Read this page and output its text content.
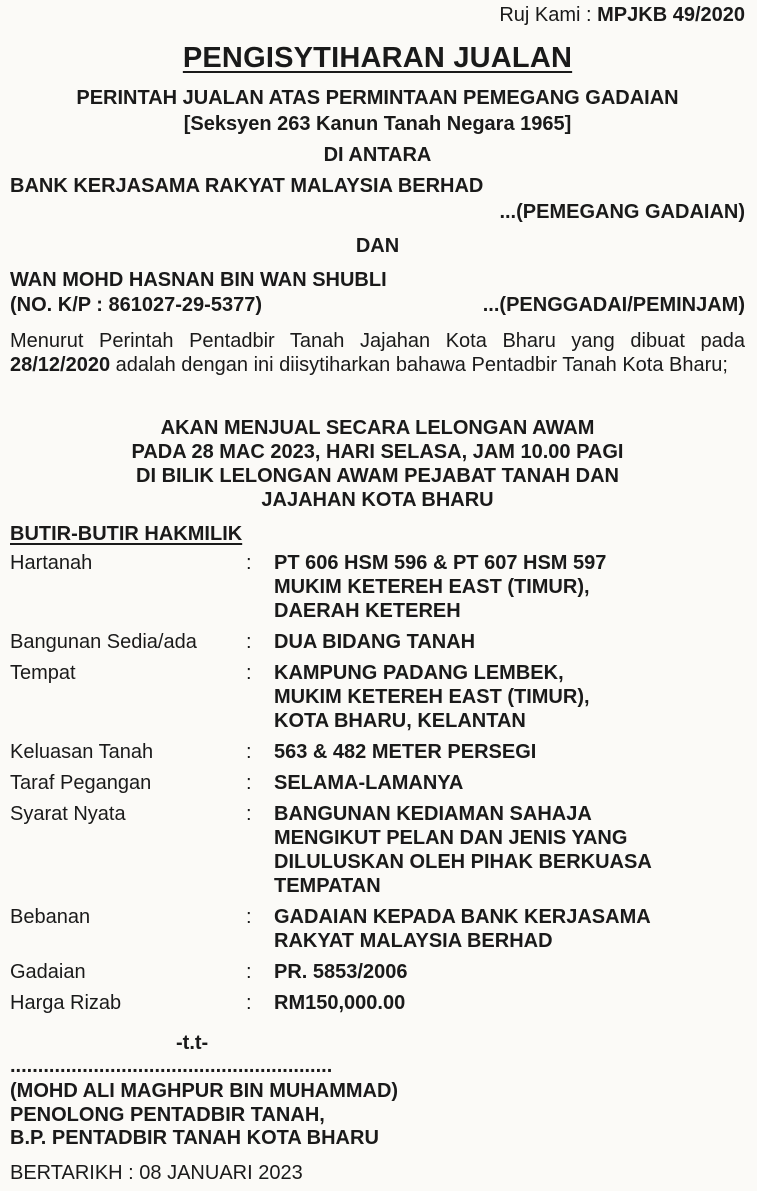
Ruj Kami : MPJKB 49/2020
PENGISYTIHARAN JUALAN
PERINTAH JUALAN ATAS PERMINTAAN PEMEGANG GADAIAN
[Seksyen 263 Kanun Tanah Negara 1965]
DI ANTARA
BANK KERJASAMA RAKYAT MALAYSIA BERHAD
...(PEMEGANG GADAIAN)
DAN
WAN MOHD HASNAN BIN WAN SHUBLI
(NO. K/P : 861027-29-5377)	...(PENGGADAI/PEMINJAM)
Menurut Perintah Pentadbir Tanah Jajahan Kota Bharu yang dibuat pada 28/12/2020 adalah dengan ini diisytiharkan bahawa Pentadbir Tanah Kota Bharu;
AKAN MENJUAL SECARA LELONGAN AWAM
PADA 28 MAC 2023, HARI SELASA, JAM 10.00 PAGI
DI BILIK LELONGAN AWAM PEJABAT TANAH DAN
JAJAHAN KOTA BHARU
BUTIR-BUTIR HAKMILIK
Hartanah	:	PT 606 HSM 596 & PT 607 HSM 597
MUKIM KETEREH EAST (TIMUR),
DAERAH KETEREH

Bangunan Sedia/ada	:	DUA BIDANG TANAH

Tempat	:	KAMPUNG PADANG LEMBEK,
MUKIM KETEREH EAST (TIMUR),
KOTA BHARU, KELANTAN

Keluasan Tanah	:	563 & 482 METER PERSEGI

Taraf Pegangan	:	SELAMA-LAMANYA

Syarat Nyata	:	BANGUNAN KEDIAMAN SAHAJA
MENGIKUT PELAN DAN JENIS YANG
DILULUSKAN OLEH PIHAK BERKUASA
TEMPATAN

Bebanan	:	GADAIAN KEPADA BANK KERJASAMA
RAKYAT MALAYSIA BERHAD

Gadaian	:	PR. 5853/2006

Harga Rizab	:	RM150,000.00
-t.t-
..........................................................
(MOHD ALI MAGHPUR BIN MUHAMMAD)
PENOLONG PENTADBIR TANAH,
B.P. PENTADBIR TANAH KOTA BHARU
BERTARIKH : 08 JANUARI 2023
